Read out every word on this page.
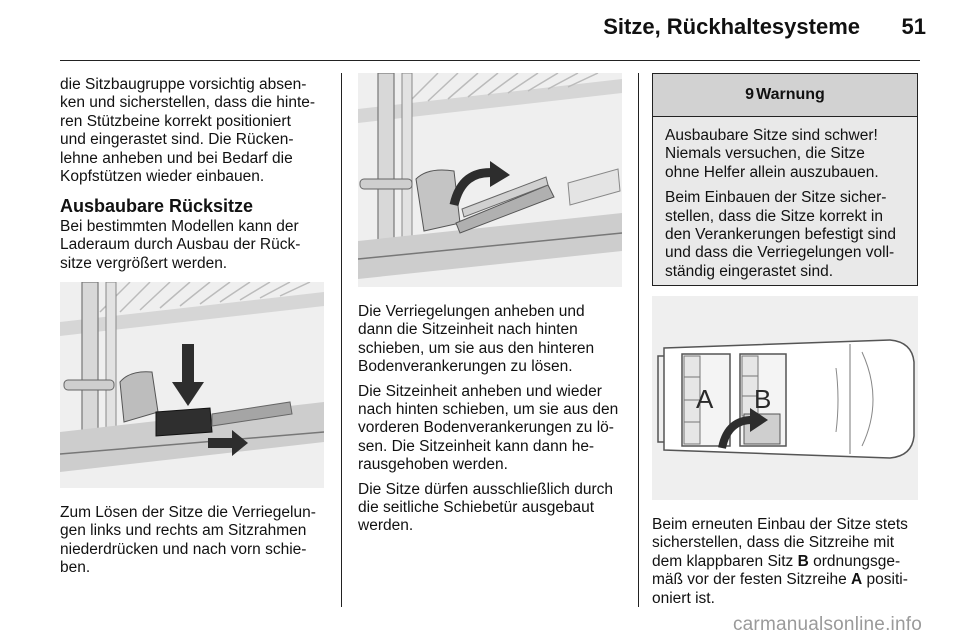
Sitze, Rückhaltesysteme	51
die Sitzbaugruppe vorsichtig absen-
ken und sicherstellen, dass die hinte-
ren Stützbeine korrekt positioniert
und eingerastet sind. Die Rücken-
lehne anheben und bei Bedarf die
Kopfstützen wieder einbauen.
Ausbaubare Rücksitze
Bei bestimmten Modellen kann der
Laderaum durch Ausbau der Rück-
sitze vergrößert werden.
Zum Lösen der Sitze die Verriegelun-
gen links und rechts am Sitzrahmen
niederdrücken und nach vorn schie-
ben.

Die Verriegelungen anheben und
dann die Sitzeinheit nach hinten
schieben, um sie aus den hinteren
Bodenverankerungen zu lösen.

Die Sitzeinheit anheben und wieder
nach hinten schieben, um sie aus den
vorderen Bodenverankerungen zu lö-
sen. Die Sitzeinheit kann dann he-
rausgehoben werden.

Die Sitze dürfen ausschließlich durch
die seitliche Schiebetür ausgebaut
werden.

9 Warnung

Ausbaubare Sitze sind schwer!
Niemals versuchen, die Sitze
ohne Helfer allein auszubauen.

Beim Einbauen der Sitze sicher-
stellen, dass die Sitze korrekt in
den Verankerungen befestigt sind
und dass die Verriegelungen voll-
ständig eingerastet sind.

A B
Beim erneuten Einbau der Sitze stets
sicherstellen, dass die Sitzreihe mit
dem klappbaren Sitz B ordnungsge-
mäß vor der festen Sitzreihe A positi-
oniert ist.
carmanualsonline.info
